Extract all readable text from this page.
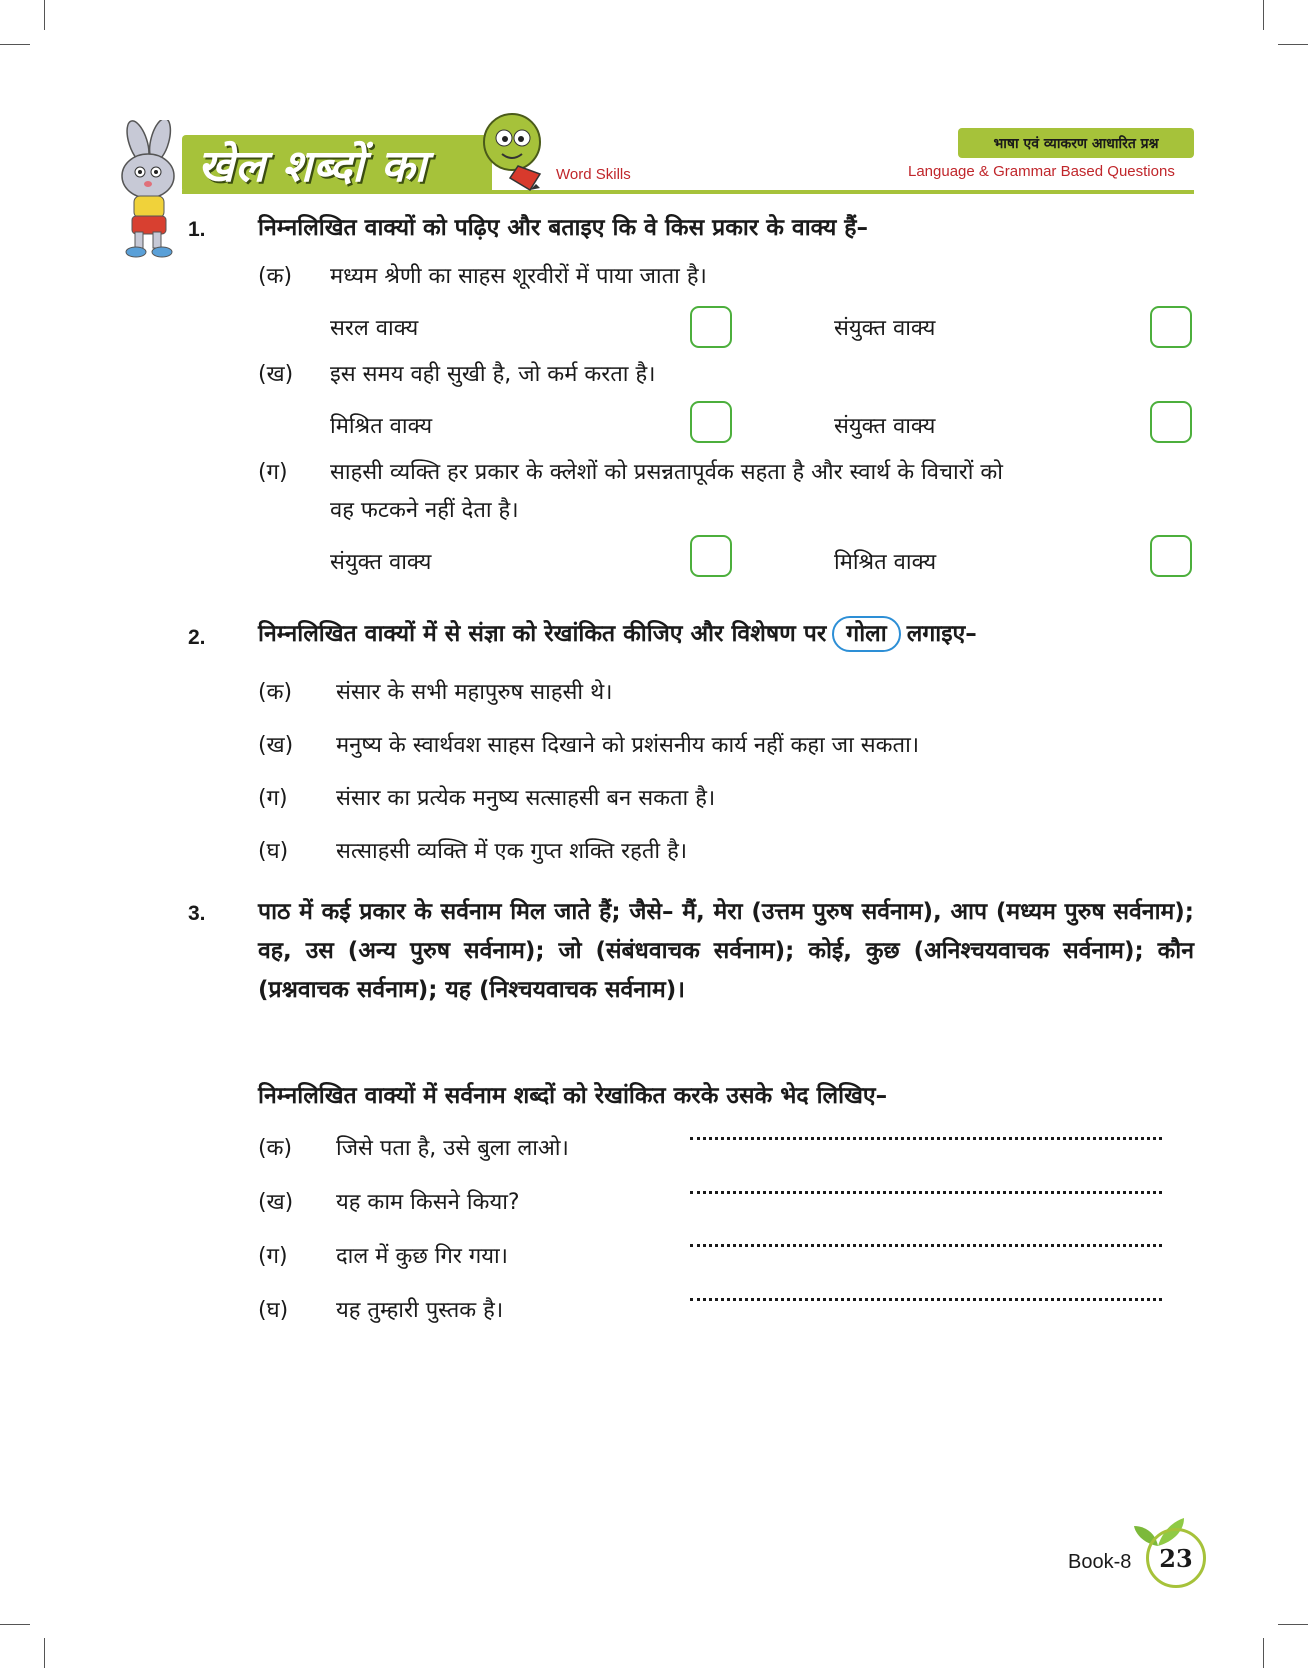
खेल शब्दों का	Word Skills
भाषा एवं व्याकरण आधारित प्रश्न
Language & Grammar Based Questions
1. निम्नलिखित वाक्यों को पढ़िए और बताइए कि वे किस प्रकार के वाक्य हैं–
(क) मध्यम श्रेणी का साहस शूरवीरों में पाया जाता है।
सरल वाक्य	संयुक्त वाक्य
(ख) इस समय वही सुखी है, जो कर्म करता है।
मिश्रित वाक्य	संयुक्त वाक्य
(ग) साहसी व्यक्ति हर प्रकार के क्लेशों को प्रसन्नतापूर्वक सहता है और स्वार्थ के विचारों को
वह फटकने नहीं देता है।
संयुक्त वाक्य	मिश्रित वाक्य
2. निम्नलिखित वाक्यों में से संज्ञा को रेखांकित कीजिए और विशेषण पर गोला लगाइए–
(क) संसार के सभी महापुरुष साहसी थे।
(ख) मनुष्य के स्वार्थवश साहस दिखाने को प्रशंसनीय कार्य नहीं कहा जा सकता।
(ग) संसार का प्रत्येक मनुष्य सत्साहसी बन सकता है।
(घ) सत्साहसी व्यक्ति में एक गुप्त शक्ति रहती है।
3. पाठ में कई प्रकार के सर्वनाम मिल जाते हैं; जैसे– मैं, मेरा (उत्तम पुरुष सर्वनाम), आप (मध्यम पुरुष सर्वनाम); वह, उस (अन्य पुरुष सर्वनाम); जो (संबंधवाचक सर्वनाम); कोई, कुछ (अनिश्चयवाचक सर्वनाम); कौन (प्रश्नवाचक सर्वनाम); यह (निश्चयवाचक सर्वनाम)।
निम्नलिखित वाक्यों में सर्वनाम शब्दों को रेखांकित करके उसके भेद लिखिए–
(क) जिसे पता है, उसे बुला लाओ।
(ख) यह काम किसने किया?
(ग) दाल में कुछ गिर गया।
(घ) यह तुम्हारी पुस्तक है।
Book-8	23
